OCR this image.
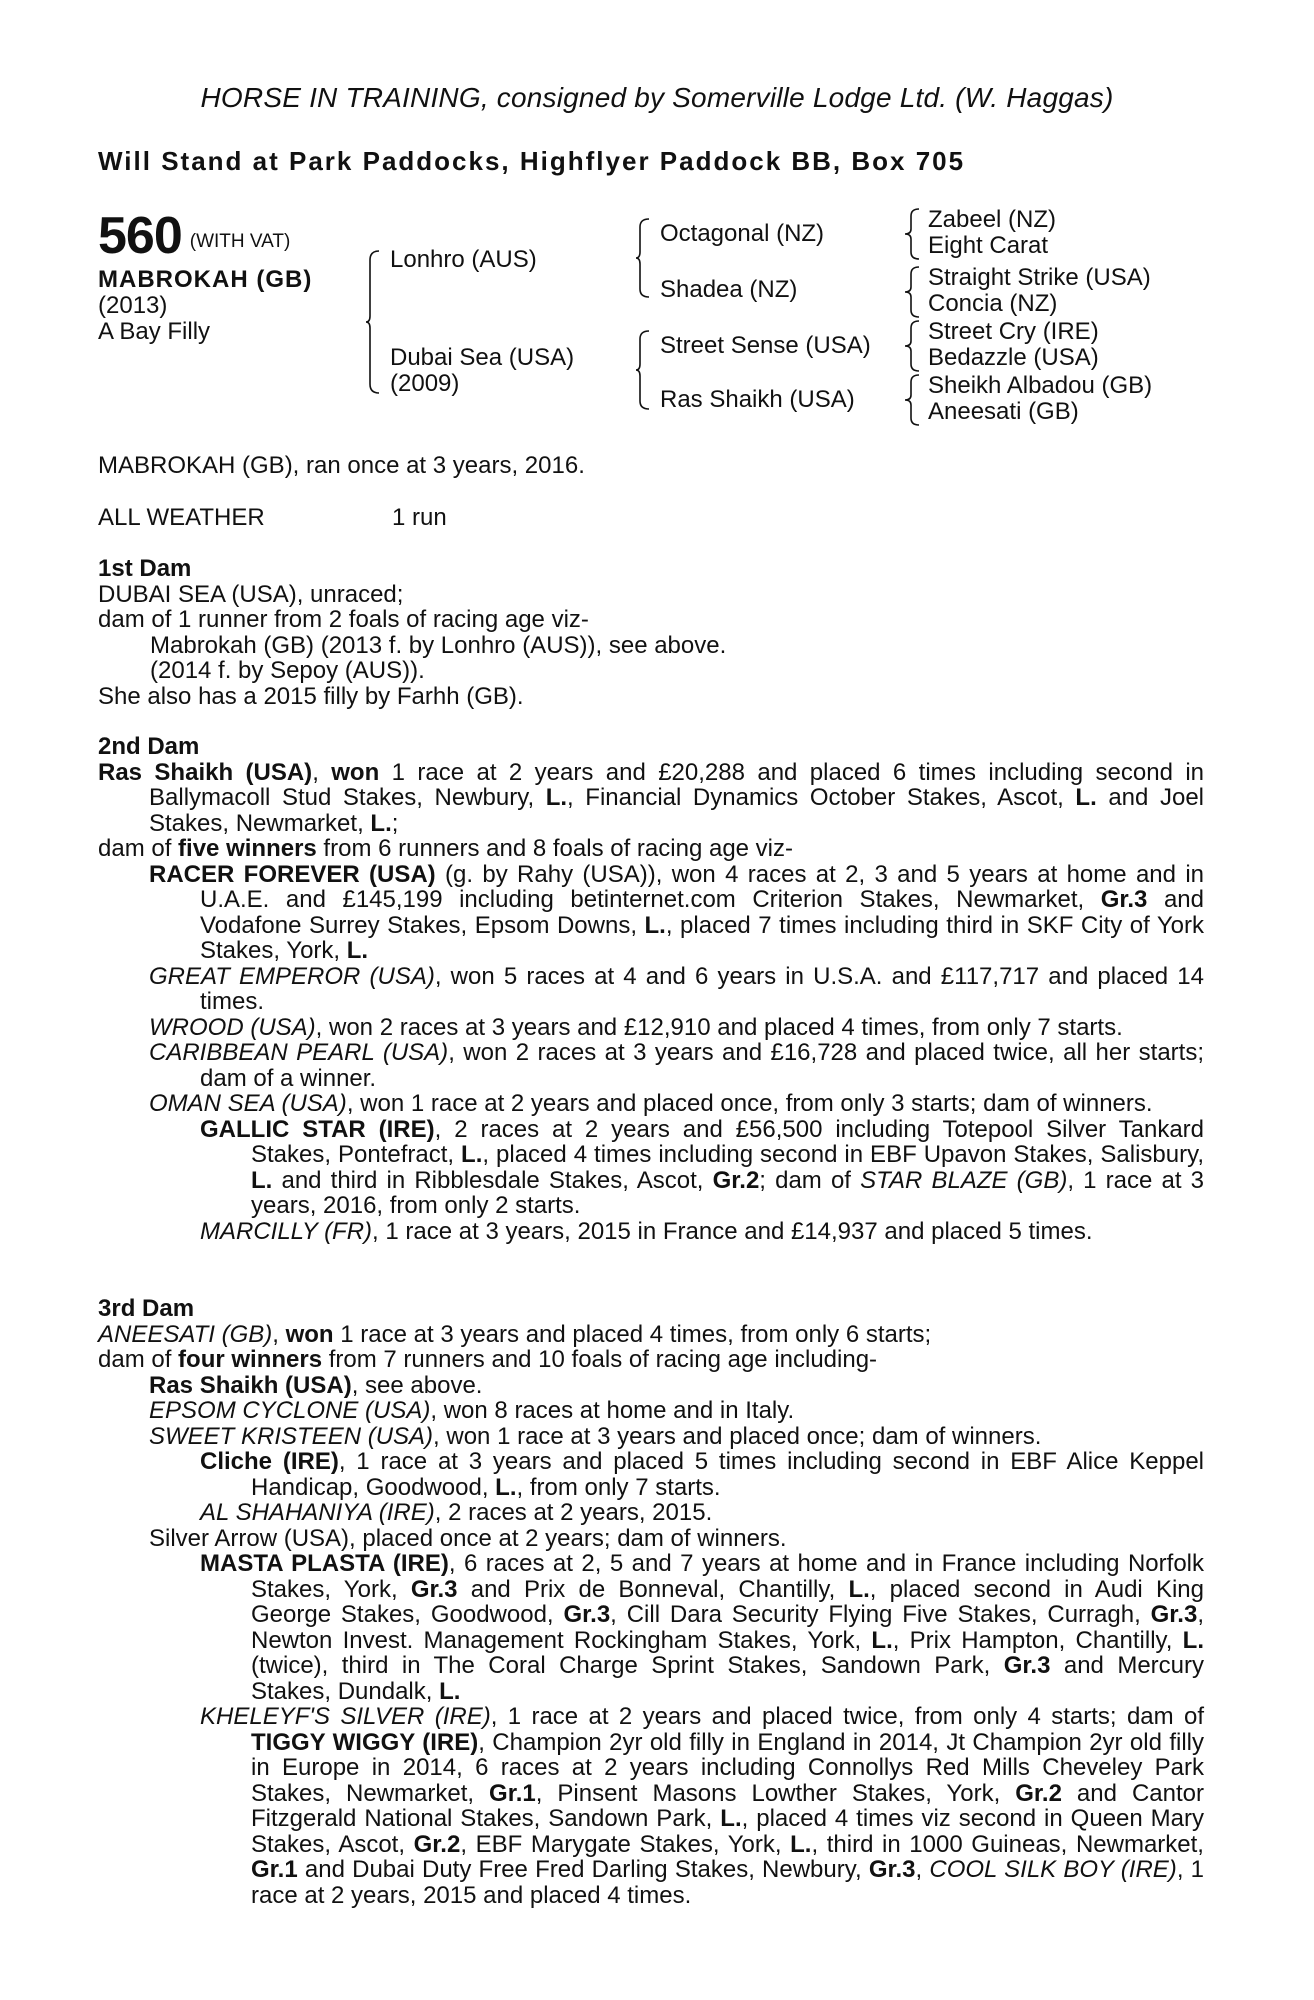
HORSE IN TRAINING, consigned by Somerville Lodge Ltd. (W. Haggas)
Will Stand at Park Paddocks, Highflyer Paddock BB, Box 705
560 (WITH VAT)
MABROKAH (GB)
(2013)
A Bay Filly
Lonhro (AUS)
Dubai Sea (USA)
(2009)
Octagonal (NZ)
Shadea (NZ)
Street Sense (USA)
Ras Shaikh (USA)
Zabeel (NZ)
Eight Carat
Straight Strike (USA)
Concia (NZ)
Street Cry (IRE)
Bedazzle (USA)
Sheikh Albadou (GB)
Aneesati (GB)
MABROKAH (GB), ran once at 3 years, 2016.
ALL WEATHER	1 run
1st Dam
DUBAI SEA (USA), unraced;
dam of 1 runner from 2 foals of racing age viz-
Mabrokah (GB) (2013 f. by Lonhro (AUS)), see above.
(2014 f. by Sepoy (AUS)).
She also has a 2015 filly by Farhh (GB).
2nd Dam
Ras Shaikh (USA), won 1 race at 2 years and £20,288 and placed 6 times including second in Ballymacoll Stud Stakes, Newbury, L., Financial Dynamics October Stakes, Ascot, L. and Joel Stakes, Newmarket, L.;
dam of five winners from 6 runners and 8 foals of racing age viz-
RACER FOREVER (USA) (g. by Rahy (USA)), won 4 races at 2, 3 and 5 years at home and in U.A.E. and £145,199 including betinternet.com Criterion Stakes, Newmarket, Gr.3 and Vodafone Surrey Stakes, Epsom Downs, L., placed 7 times including third in SKF City of York Stakes, York, L.
GREAT EMPEROR (USA), won 5 races at 4 and 6 years in U.S.A. and £117,717 and placed 14 times.
WROOD (USA), won 2 races at 3 years and £12,910 and placed 4 times, from only 7 starts.
CARIBBEAN PEARL (USA), won 2 races at 3 years and £16,728 and placed twice, all her starts; dam of a winner.
OMAN SEA (USA), won 1 race at 2 years and placed once, from only 3 starts; dam of winners.
GALLIC STAR (IRE), 2 races at 2 years and £56,500 including Totepool Silver Tankard Stakes, Pontefract, L., placed 4 times including second in EBF Upavon Stakes, Salisbury, L. and third in Ribblesdale Stakes, Ascot, Gr.2; dam of STAR BLAZE (GB), 1 race at 3 years, 2016, from only 2 starts.
MARCILLY (FR), 1 race at 3 years, 2015 in France and £14,937 and placed 5 times.
3rd Dam
ANEESATI (GB), won 1 race at 3 years and placed 4 times, from only 6 starts;
dam of four winners from 7 runners and 10 foals of racing age including-
Ras Shaikh (USA), see above.
EPSOM CYCLONE (USA), won 8 races at home and in Italy.
SWEET KRISTEEN (USA), won 1 race at 3 years and placed once; dam of winners.
Cliche (IRE), 1 race at 3 years and placed 5 times including second in EBF Alice Keppel Handicap, Goodwood, L., from only 7 starts.
AL SHAHANIYA (IRE), 2 races at 2 years, 2015.
Silver Arrow (USA), placed once at 2 years; dam of winners.
MASTA PLASTA (IRE), 6 races at 2, 5 and 7 years at home and in France including Norfolk Stakes, York, Gr.3 and Prix de Bonneval, Chantilly, L., placed second in Audi King George Stakes, Goodwood, Gr.3, Cill Dara Security Flying Five Stakes, Curragh, Gr.3, Newton Invest. Management Rockingham Stakes, York, L., Prix Hampton, Chantilly, L. (twice), third in The Coral Charge Sprint Stakes, Sandown Park, Gr.3 and Mercury Stakes, Dundalk, L.
KHELEYF'S SILVER (IRE), 1 race at 2 years and placed twice, from only 4 starts; dam of TIGGY WIGGY (IRE), Champion 2yr old filly in England in 2014, Jt Champion 2yr old filly in Europe in 2014, 6 races at 2 years including Connollys Red Mills Cheveley Park Stakes, Newmarket, Gr.1, Pinsent Masons Lowther Stakes, York, Gr.2 and Cantor Fitzgerald National Stakes, Sandown Park, L., placed 4 times viz second in Queen Mary Stakes, Ascot, Gr.2, EBF Marygate Stakes, York, L., third in 1000 Guineas, Newmarket, Gr.1 and Dubai Duty Free Fred Darling Stakes, Newbury, Gr.3, COOL SILK BOY (IRE), 1 race at 2 years, 2015 and placed 4 times.
